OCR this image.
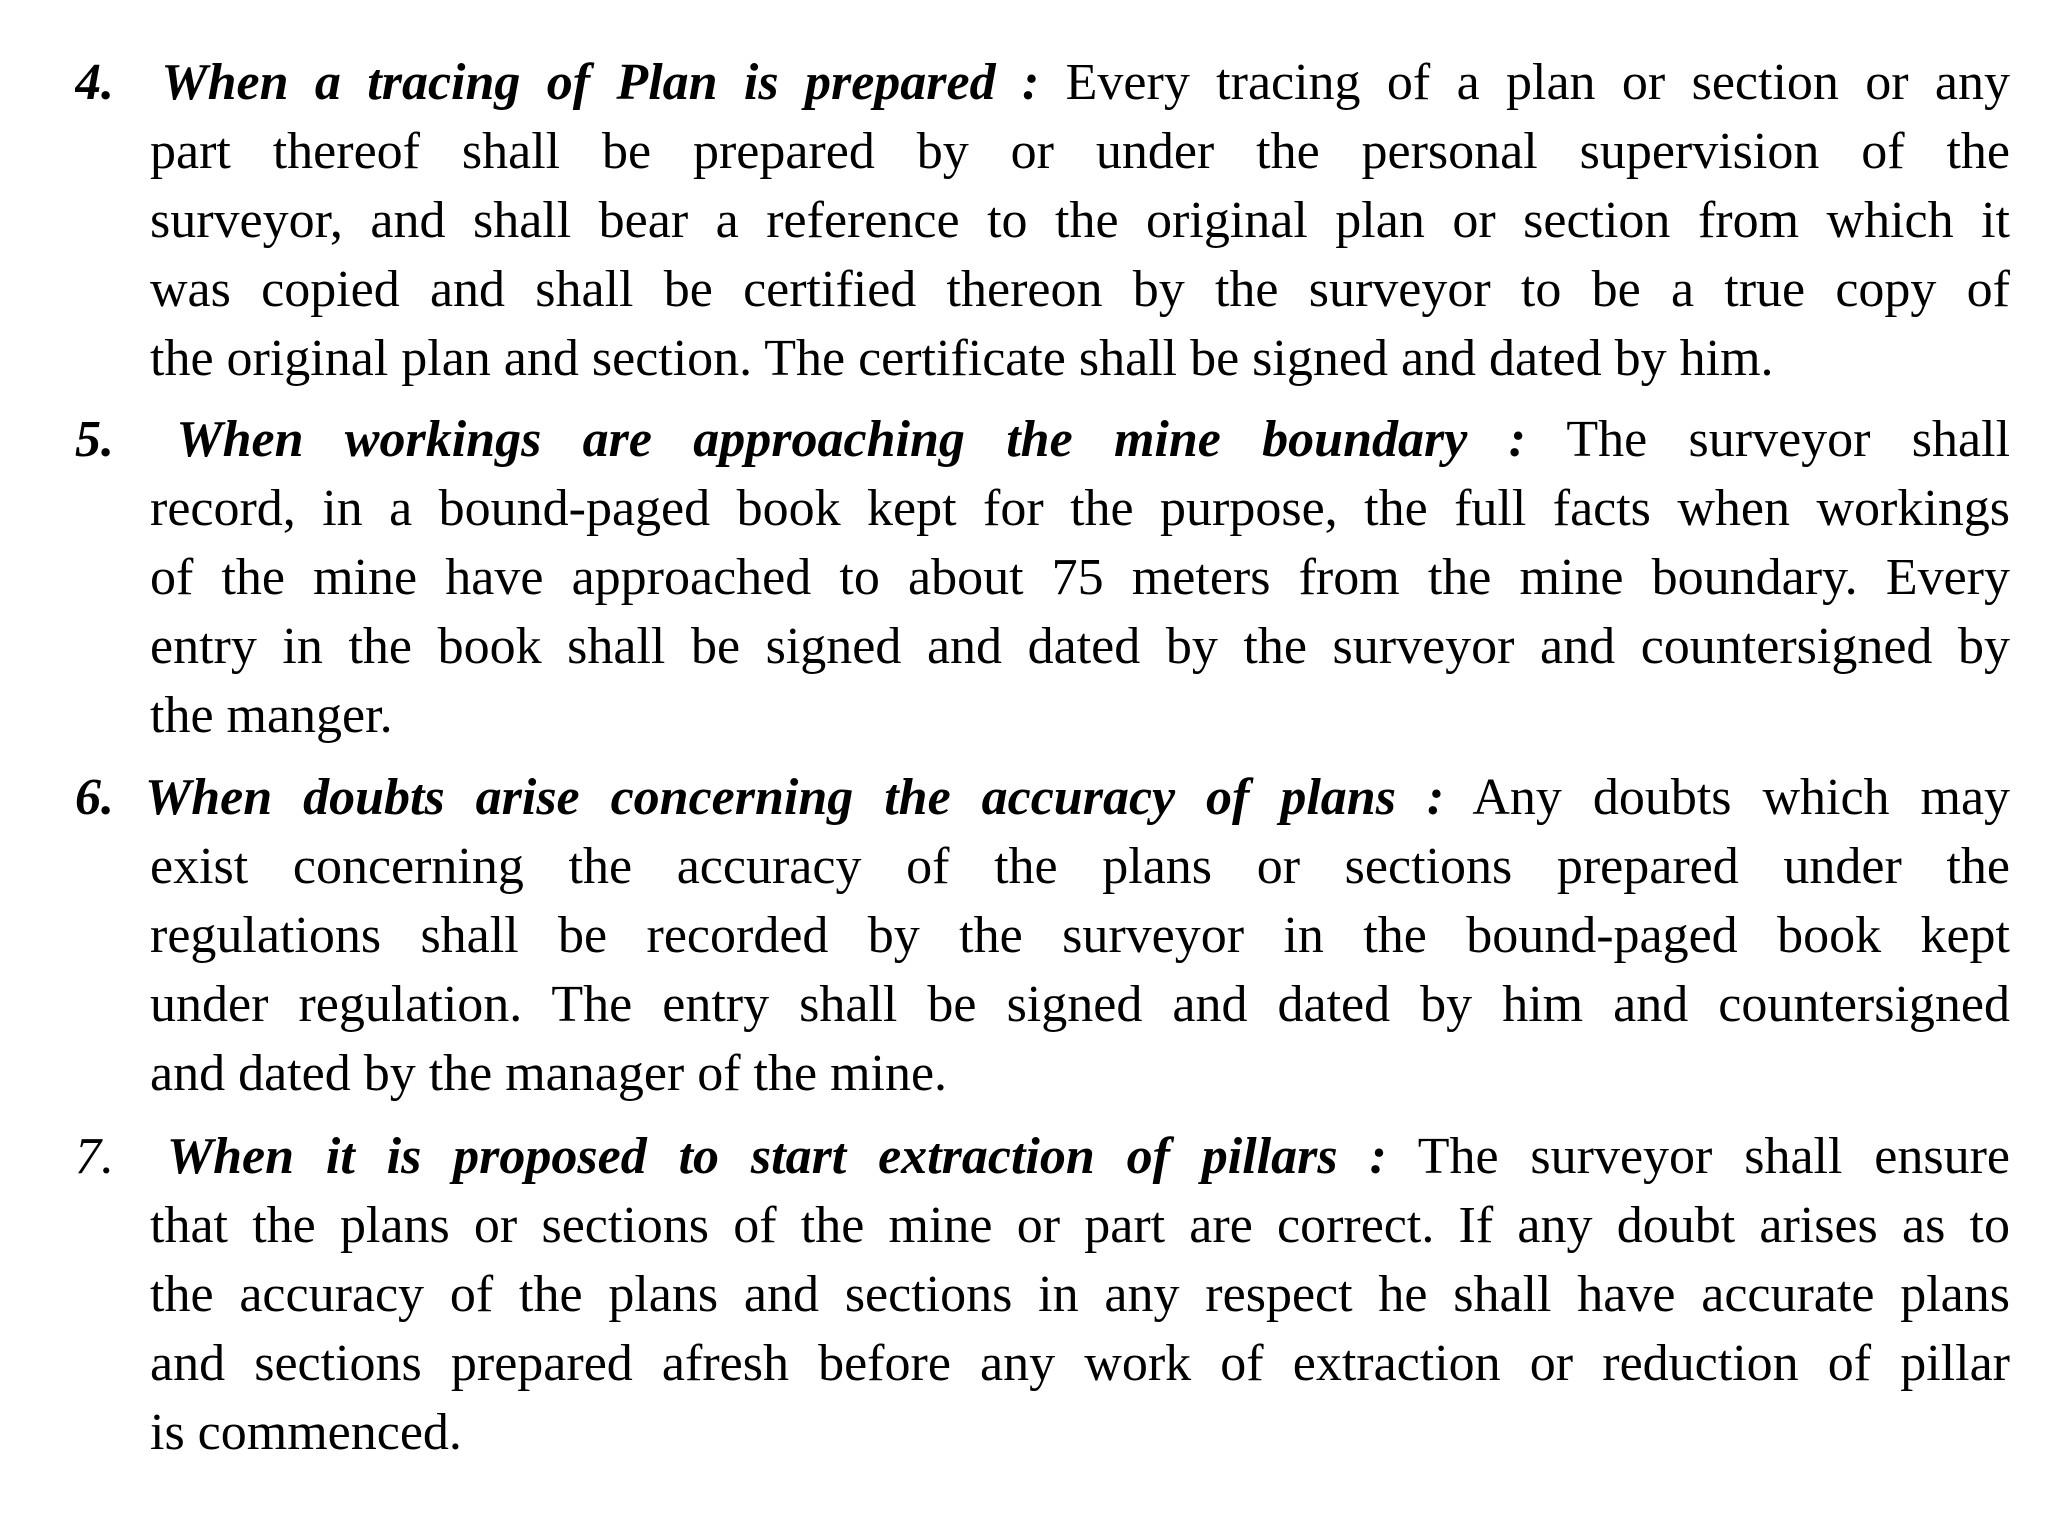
4. When a tracing of Plan is prepared : Every tracing of a plan or section or any
part thereof shall be prepared by or under the personal supervision of the
surveyor, and shall bear a reference to the original plan or section from which it
was copied and shall be certified thereon by the surveyor to be a true copy of
the original plan and section. The certificate shall be signed and dated by him.
5. When workings are approaching the mine boundary : The surveyor shall
record, in a bound-paged book kept for the purpose, the full facts when workings
of the mine have approached to about 75 meters from the mine boundary. Every
entry in the book shall be signed and dated by the surveyor and countersigned by
the manger.
6. When doubts arise concerning the accuracy of plans : Any doubts which may
exist concerning the accuracy of the plans or sections prepared under the
regulations shall be recorded by the surveyor in the bound-paged book kept
under regulation. The entry shall be signed and dated by him and countersigned
and dated by the manager of the mine.
7. When it is proposed to start extraction of pillars : The surveyor shall ensure
that the plans or sections of the mine or part are correct. If any doubt arises as to
the accuracy of the plans and sections in any respect he shall have accurate plans
and sections prepared afresh before any work of extraction or reduction of pillar
is commenced.
